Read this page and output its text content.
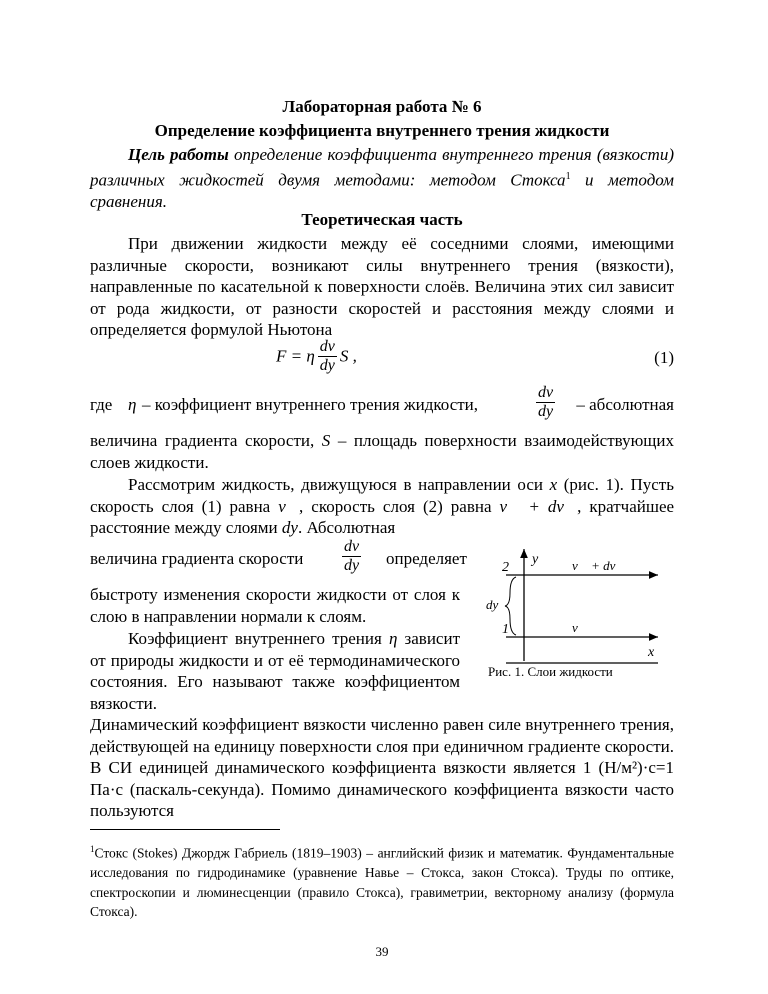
Лабораторная работа № 6
Определение коэффициента внутреннего трения жидкости
Цель работы определение коэффициента внутреннего трения (вязкости) различных жидкостей двумя методами: методом Стокса$^1$ и методом сравнения.
Теоретическая часть
При движении жидкости между её соседними слоями, имеющими различные скорости, возникают силы внутреннего трения (вязкости), направленные по касательной к поверхности слоёв. Величина этих сил зависит от рода жидкости, от разности скоростей и расстояния между слоями и определяется формулой Ньютона
F = η $\frac{dv}{dy}$ S ,	(1)
где η – коэффициент внутреннего трения жидкости,	$\frac{dv}{dy}$ – абсолютная
величина градиента скорости, S – площадь поверхности взаимодействующих слоев жидкости.
Рассмотрим жидкость, движущуюся в направлении оси x (рис. 1). Пусть скорость слоя (1) равна v⃗, скорость слоя (2) равна v⃗ + dv⃗, кратчайшее расстояние между слоями dy. Абсолютная
величина градиента скорости $\frac{dv}{dy}$ определяет
быстроту изменения скорости жидкости от слоя к слою в направлении нормали к слоям.
Коэффициент внутреннего трения η зависит от природы жидкости и от её термодинамического состояния. Его называют также коэффициентом вязкости.
Динамический коэффициент вязкости численно равен силе внутреннего трения, действующей на единицу поверхности слоя при единичном градиенте скорости. В СИ единицей динамического коэффициента вязкости является 1 (Н/м²)·с=1 Па·с (паскаль-секунда). Помимо динамического коэффициента вязкости часто пользуются
2
1
y
x
dy
v⃗
v⃗ + dv⃗
Рис. 1. Слои жидкости
$^1$Стокс (Stokes) Джордж Габриель (1819–1903) – английский физик и математик. Фундаментальные исследования по гидродинамике (уравнение Навье – Стокса, закон Стокса). Труды по оптике, спектроскопии и люминесценции (правило Стокса), гравиметрии, векторному анализу (формула Стокса).
39
